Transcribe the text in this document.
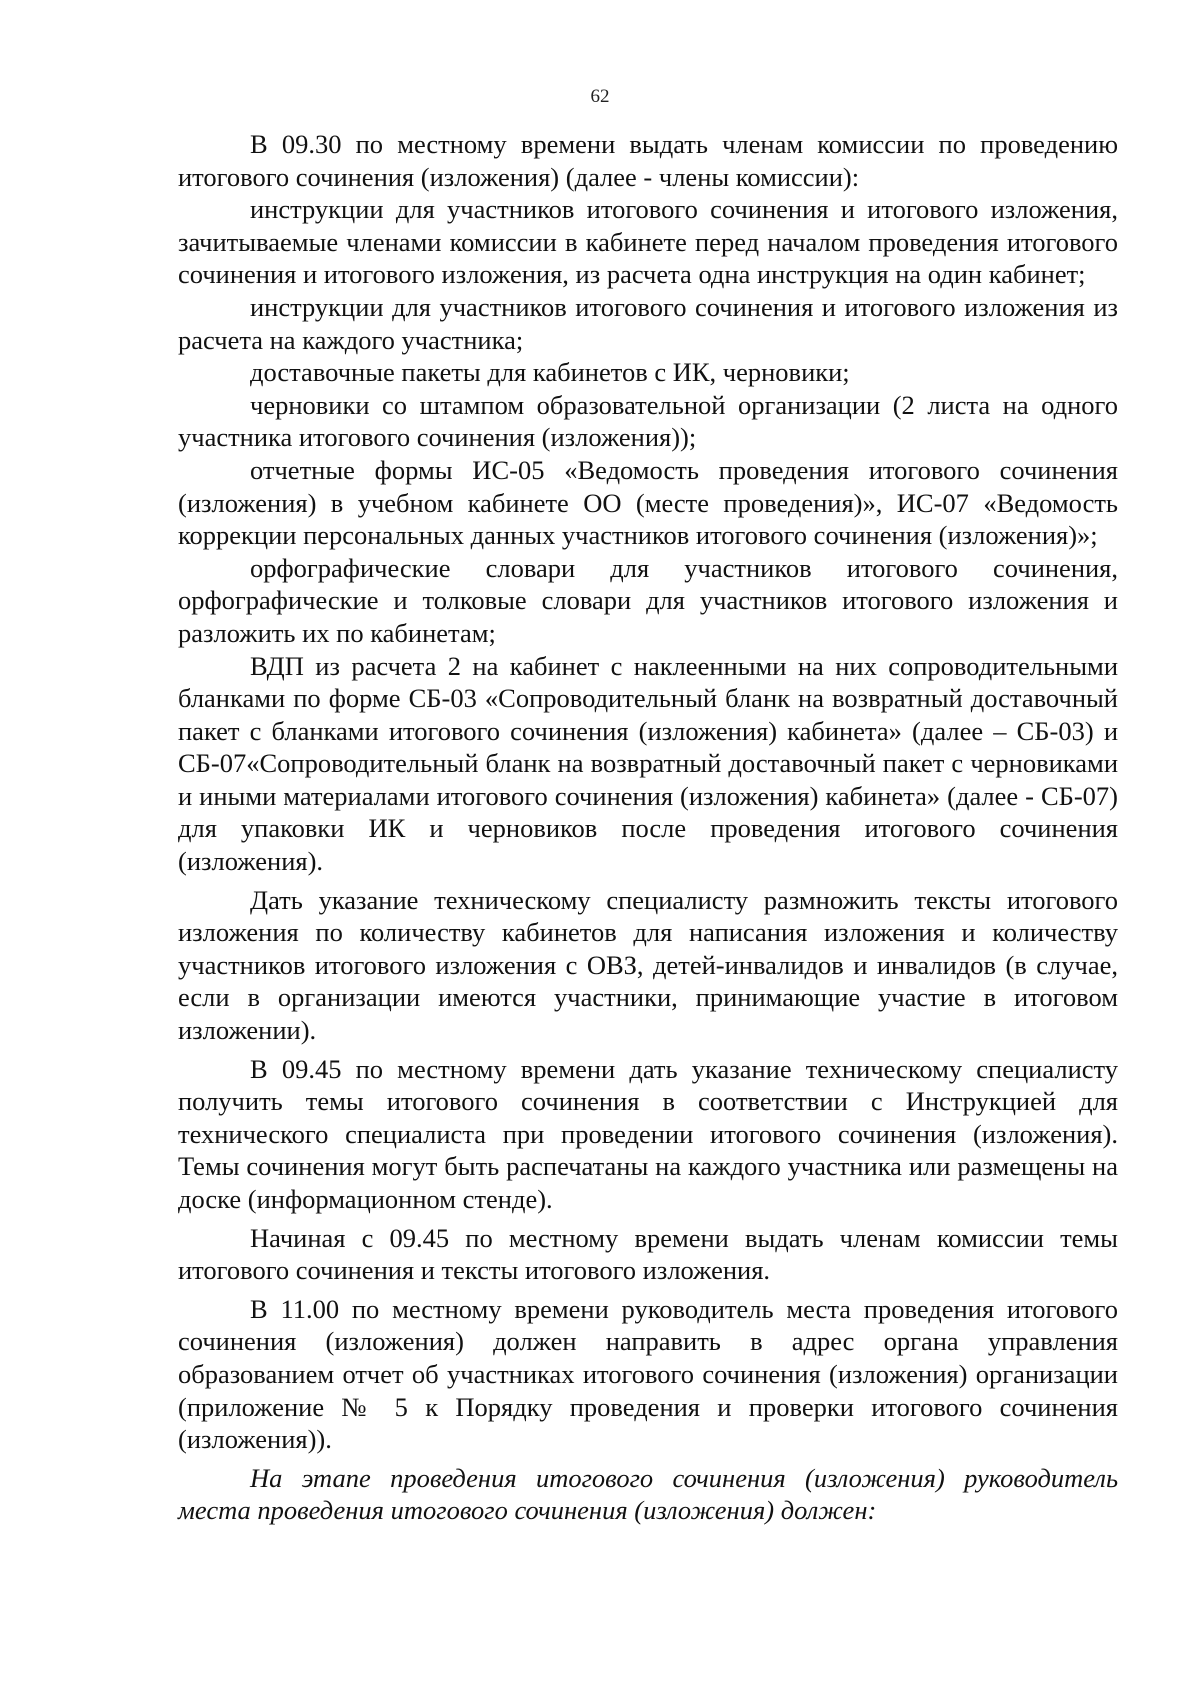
62

В 09.30 по местному времени выдать членам комиссии по проведению итогового сочинения (изложения) (далее - члены комиссии):

инструкции для участников итогового сочинения и итогового изложения, зачитываемые членами комиссии в кабинете перед началом проведения итогового сочинения и итогового изложения, из расчета одна инструкция на один кабинет;

инструкции для участников итогового сочинения и итогового изложения из расчета на каждого участника;

доставочные пакеты для кабинетов с ИК, черновики;

черновики со штампом образовательной организации (2 листа на одного участника итогового сочинения (изложения));

отчетные формы ИС-05 «Ведомость проведения итогового сочинения (изложения) в учебном кабинете ОО (месте проведения)», ИС-07 «Ведомость коррекции персональных данных участников итогового сочинения (изложения)»;

орфографические словари для участников итогового сочинения, орфографические и толковые словари для участников итогового изложения и разложить их по кабинетам;

ВДП из расчета 2 на кабинет с наклеенными на них сопроводительными бланками по форме СБ-03 «Сопроводительный бланк на возвратный доставочный пакет с бланками итогового сочинения (изложения) кабинета» (далее – СБ-03) и СБ-07«Сопроводительный бланк на возвратный доставочный пакет с черновиками и иными материалами итогового сочинения (изложения) кабинета» (далее - СБ-07) для упаковки ИК и черновиков после проведения итогового сочинения (изложения).

Дать указание техническому специалисту размножить тексты итогового изложения по количеству кабинетов для написания изложения и количеству участников итогового изложения с ОВЗ, детей-инвалидов и инвалидов (в случае, если в организации имеются участники, принимающие участие в итоговом изложении).

В 09.45 по местному времени дать указание техническому специалисту получить темы итогового сочинения в соответствии с Инструкцией для технического специалиста при проведении итогового сочинения (изложения). Темы сочинения могут быть распечатаны на каждого участника или размещены на доске (информационном стенде).

Начиная с 09.45 по местному времени выдать членам комиссии темы итогового сочинения и тексты итогового изложения.

В 11.00 по местному времени руководитель места проведения итогового сочинения (изложения) должен направить в адрес органа управления образованием отчет об участниках итогового сочинения (изложения) организации (приложение № 5 к Порядку проведения и проверки итогового сочинения (изложения)).

На этапе проведения итогового сочинения (изложения) руководитель места проведения итогового сочинения (изложения) должен:
